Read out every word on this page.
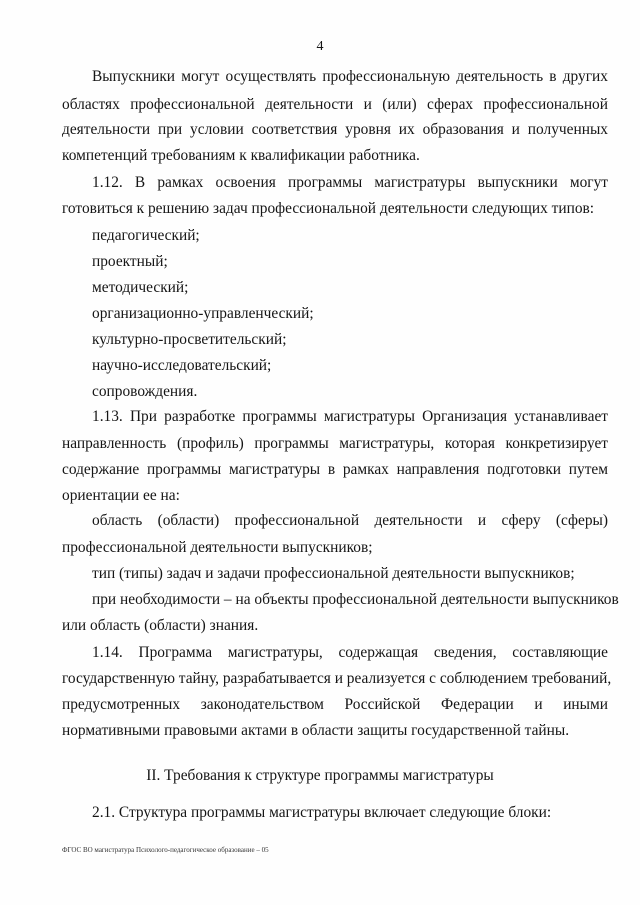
4
Выпускники могут осуществлять профессиональную деятельность в других
областях профессиональной деятельности и (или) сферах профессиональной
деятельности при условии соответствия уровня их образования и полученных
компетенций требованиям к квалификации работника.
1.12. В рамках освоения программы магистратуры выпускники могут
готовиться к решению задач профессиональной деятельности следующих типов:
педагогический;
проектный;
методический;
организационно-управленческий;
культурно-просветительский;
научно-исследовательский;
сопровождения.
1.13. При разработке программы магистратуры Организация устанавливает
направленность (профиль) программы магистратуры, которая конкретизирует
содержание программы магистратуры в рамках направления подготовки путем
ориентации ее на:
область (области) профессиональной деятельности и сферу (сферы)
профессиональной деятельности выпускников;
тип (типы) задач и задачи профессиональной деятельности выпускников;
при необходимости – на объекты профессиональной деятельности выпускников
или область (области) знания.
1.14. Программа магистратуры, содержащая сведения, составляющие
государственную тайну, разрабатывается и реализуется с соблюдением требований,
предусмотренных законодательством Российской Федерации и иными
нормативными правовыми актами в области защиты государственной тайны.
II. Требования к структуре программы магистратуры
2.1. Структура программы магистратуры включает следующие блоки:
ФГОС ВО магистратура Психолого-педагогическое образование – 05
